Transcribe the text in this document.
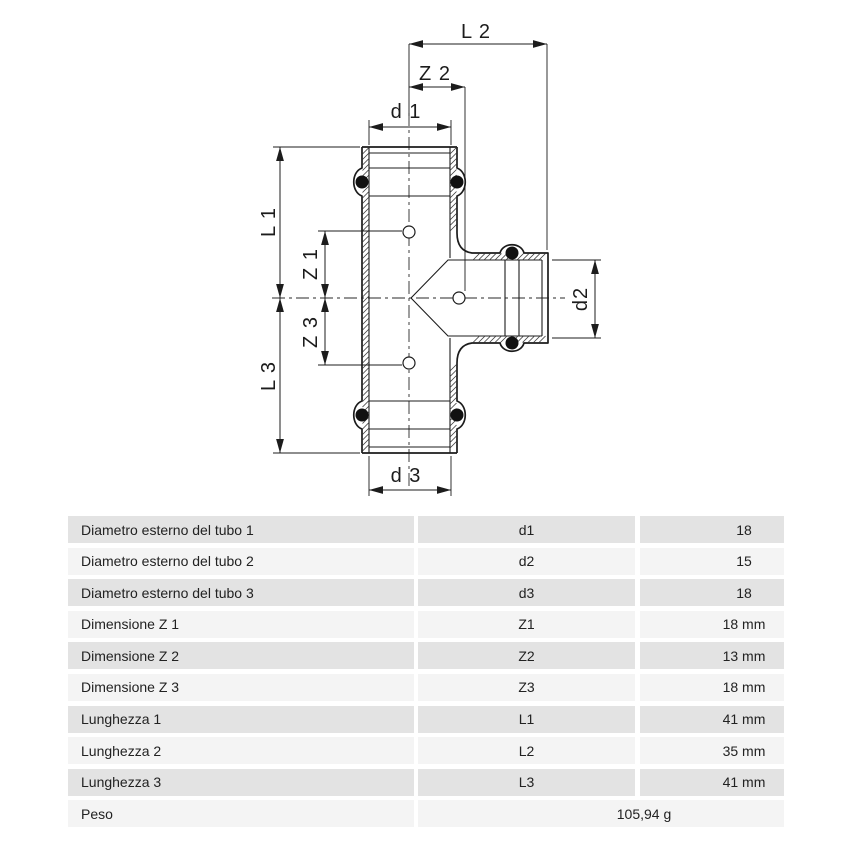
L 2
Z 2
d 1
d 3
L 1
L 3
Z 1
Z 3
d2
Diametro esterno del tubo 1	d1	18
Diametro esterno del tubo 2	d2	15
Diametro esterno del tubo 3	d3	18
Dimensione Z 1	Z1	18 mm
Dimensione Z 2	Z2	13 mm
Dimensione Z 3	Z3	18 mm
Lunghezza 1	L1	41 mm
Lunghezza 2	L2	35 mm
Lunghezza 3	L3	41 mm
Peso	105,94 g
